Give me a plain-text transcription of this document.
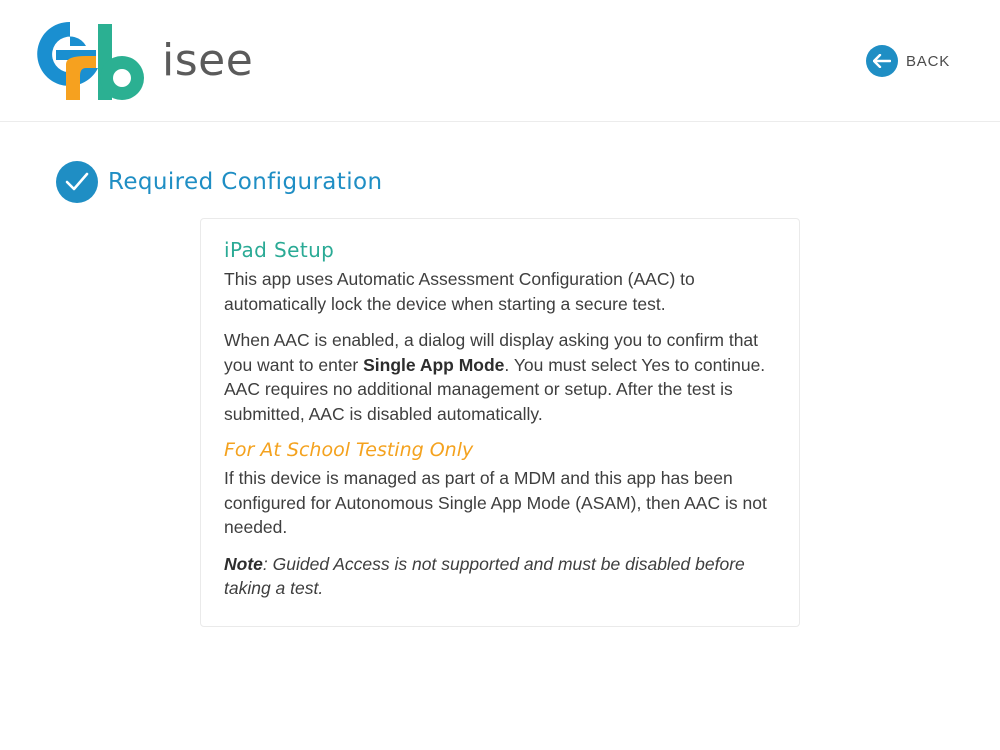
isee	BACK
Required Configuration
iPad Setup

This app uses Automatic Assessment Configuration (AAC) to automatically lock the device when starting a secure test.

When AAC is enabled, a dialog will display asking you to confirm that you want to enter Single App Mode. You must select Yes to continue. AAC requires no additional management or setup. After the test is submitted, AAC is disabled automatically.

For At School Testing Only

If this device is managed as part of a MDM and this app has been configured for Autonomous Single App Mode (ASAM), then AAC is not needed.

Note: Guided Access is not supported and must be disabled before taking a test.
